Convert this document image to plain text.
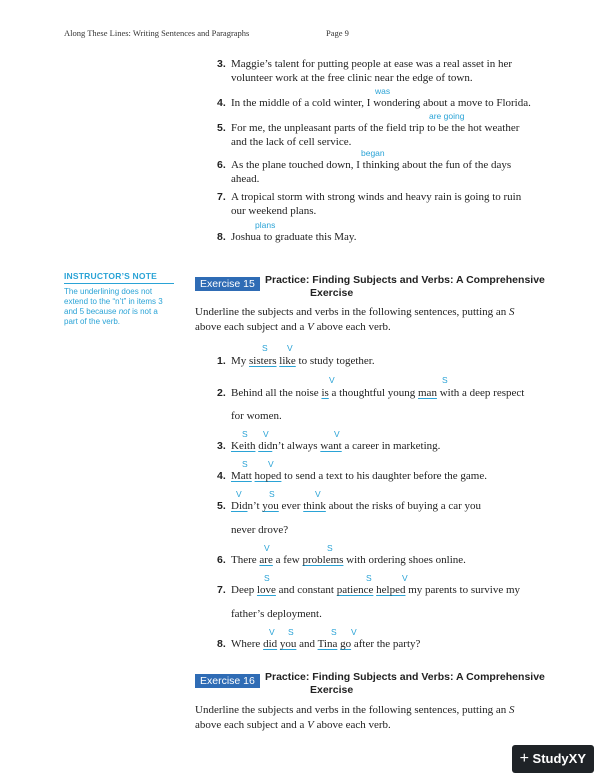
Along These Lines: Writing Sentences and Paragraphs	Page 9
3. Maggie’s talent for putting people at ease was a real asset in her
volunteer work at the free clinic near the edge of town.
was
4. In the middle of a cold winter, I wondering about a move to Florida.
are going
5. For me, the unpleasant parts of the field trip to be the hot weather
and the lack of cell service.
began
6. As the plane touched down, I thinking about the fun of the days
ahead.
7. A tropical storm with strong winds and heavy rain is going to ruin
our weekend plans.
plans
8. Joshua to graduate this May.
INSTRUCTOR’S NOTE
The underlining does not
extend to the “n’t” in items 3
and 5 because not is not a
part of the verb.
Exercise 15 Practice: Finding Subjects and Verbs: A Comprehensive
Exercise
Underline the subjects and verbs in the following sentences, putting an S
above each subject and a V above each verb.
S V
1. My sisters like to study together.
V	S
2. Behind all the noise is a thoughtful young man with a deep respect
for women.
S V	V
3. Keith didn’t always want a career in marketing.
S V
4. Matt hoped to send a text to his daughter before the game.
V	S	V
5. Didn’t you ever think about the risks of buying a car you
never drove?
V	S
6. There are a few problems with ordering shoes online.
S	S	V
7. Deep love and constant patience helped my parents to survive my
father’s deployment.
V S	S V
8. Where did you and Tina go after the party?
Exercise 16 Practice: Finding Subjects and Verbs: A Comprehensive
Exercise
Underline the subjects and verbs in the following sentences, putting an S
above each subject and a V above each verb.
+ StudyXY
